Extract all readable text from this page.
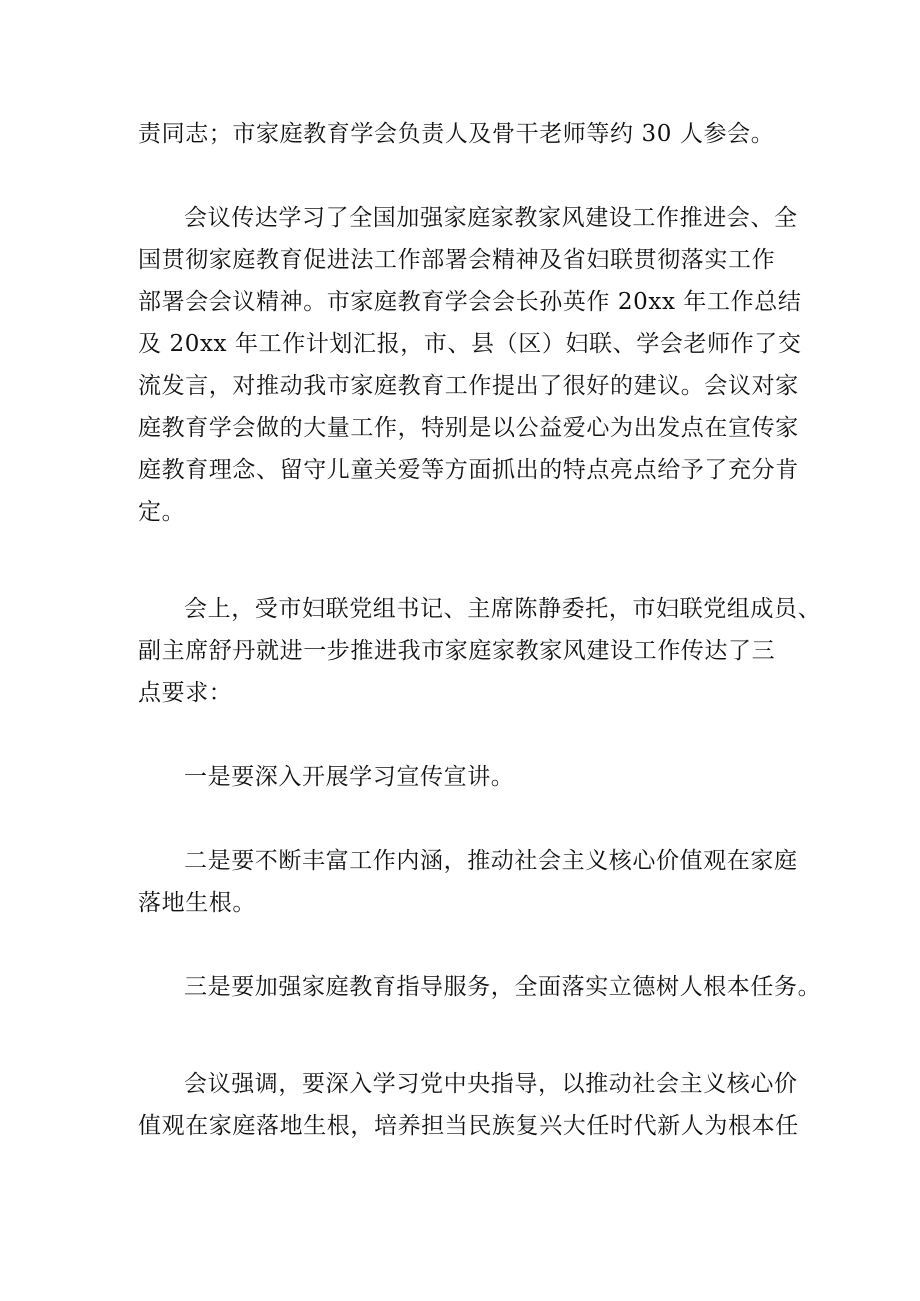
责同志；市家庭教育学会负责人及骨干老师等约 30 人参会。

会议传达学习了全国加强家庭家教家风建设工作推进会、全
国贯彻家庭教育促进法工作部署会精神及省妇联贯彻落实工作
部署会会议精神。市家庭教育学会会长孙英作 20xx 年工作总结
及 20xx 年工作计划汇报，市、县（区）妇联、学会老师作了交
流发言，对推动我市家庭教育工作提出了很好的建议。会议对家
庭教育学会做的大量工作，特别是以公益爱心为出发点在宣传家
庭教育理念、留守儿童关爱等方面抓出的特点亮点给予了充分肯
定。

会上，受市妇联党组书记、主席陈静委托，市妇联党组成员、
副主席舒丹就进一步推进我市家庭家教家风建设工作传达了三
点要求：

一是要深入开展学习宣传宣讲。

二是要不断丰富工作内涵，推动社会主义核心价值观在家庭
落地生根。

三是要加强家庭教育指导服务，全面落实立德树人根本任务。

会议强调，要深入学习党中央指导，以推动社会主义核心价
值观在家庭落地生根，培养担当民族复兴大任时代新人为根本任
